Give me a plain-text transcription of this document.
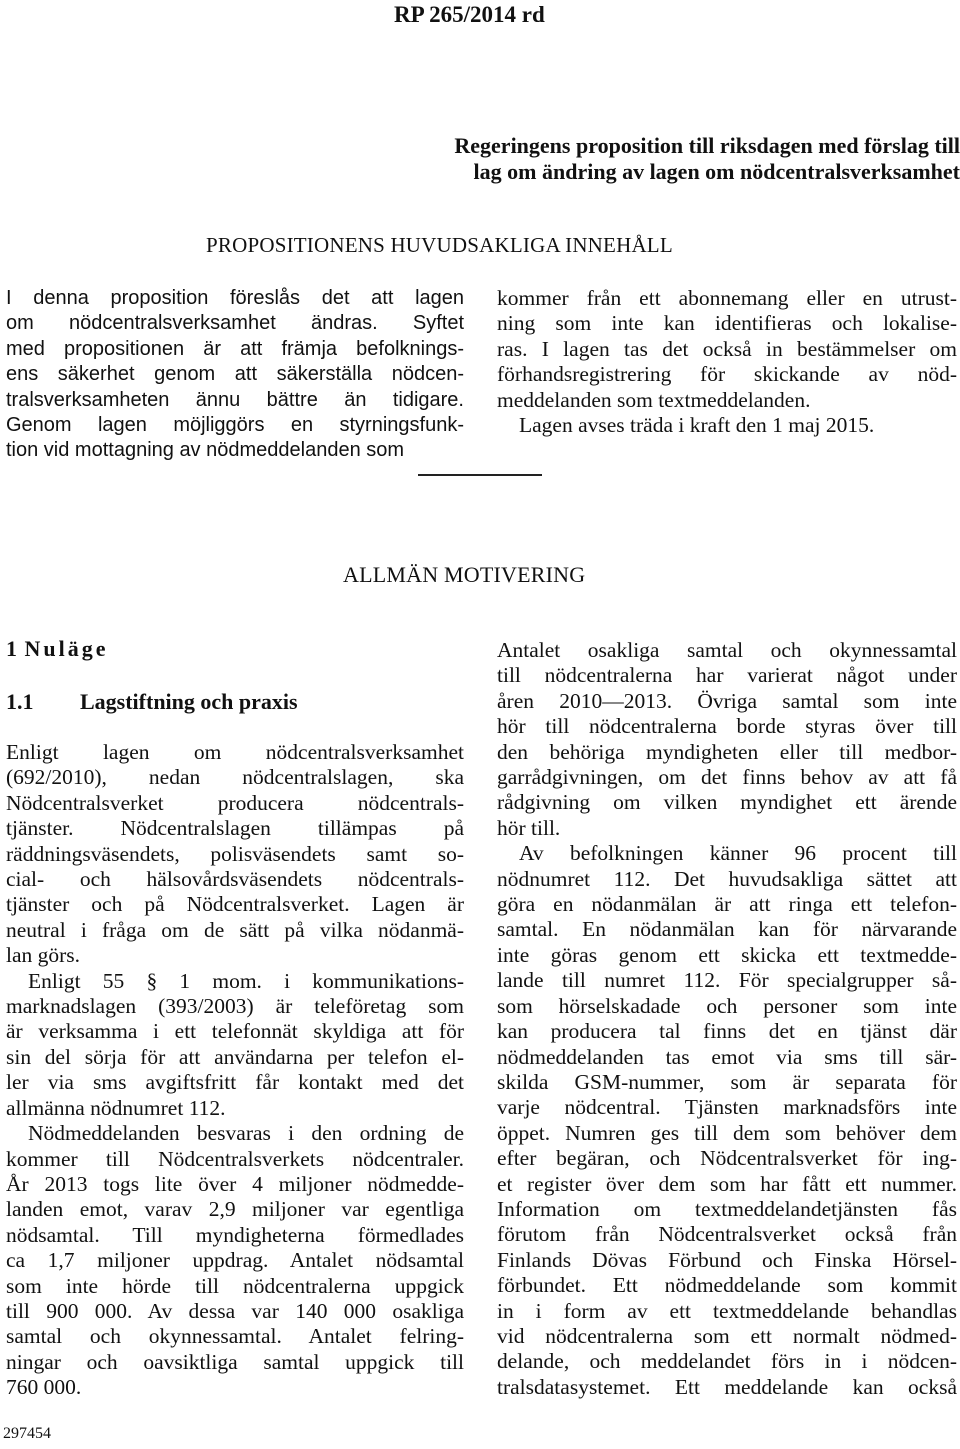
RP 265/2014 rd
Regeringens proposition till riksdagen med förslag till
lag om ändring av lagen om nödcentralsverksamhet
PROPOSITIONENS HUVUDSAKLIGA INNEHÅLL
I denna proposition föreslås det att lagen
om nödcentralsverksamhet ändras. Syftet
med propositionen är att främja befolknings-
ens säkerhet genom att säkerställa nödcen-
tralsverksamheten ännu bättre än tidigare.
Genom lagen möjliggörs en styrningsfunk-
tion vid mottagning av nödmeddelanden som
kommer från ett abonnemang eller en utrust-
ning som inte kan identifieras och lokalise-
ras. I lagen tas det också in bestämmelser om
förhandsregistrering för skickande av nöd-
meddelanden som textmeddelanden.
Lagen avses träda i kraft den 1 maj 2015.
ALLMÄN MOTIVERING
1 Nuläge
1.1 Lagstiftning och praxis
Enligt lagen om nödcentralsverksamhet
(692/2010), nedan nödcentralslagen, ska
Nödcentralsverket producera nödcentrals-
tjänster. Nödcentralslagen tillämpas på
räddningsväsendets, polisväsendets samt so-
cial- och hälsovårdsväsendets nödcentrals-
tjänster och på Nödcentralsverket. Lagen är
neutral i fråga om de sätt på vilka nödanmä-
lan görs.
Enligt 55 § 1 mom. i kommunikations-
marknadslagen (393/2003) är teleföretag som
är verksamma i ett telefonnät skyldiga att för
sin del sörja för att användarna per telefon el-
ler via sms avgiftsfritt får kontakt med det
allmänna nödnumret 112.
Nödmeddelanden besvaras i den ordning de
kommer till Nödcentralsverkets nödcentraler.
År 2013 togs lite över 4 miljoner nödmedde-
landen emot, varav 2,9 miljoner var egentliga
nödsamtal. Till myndigheterna förmedlades
ca 1,7 miljoner uppdrag. Antalet nödsamtal
som inte hörde till nödcentralerna uppgick
till 900 000. Av dessa var 140 000 osakliga
samtal och okynnessamtal. Antalet felring-
ningar och oavsiktliga samtal uppgick till
760 000.
Antalet osakliga samtal och okynnessamtal
till nödcentralerna har varierat något under
åren 2010—2013. Övriga samtal som inte
hör till nödcentralerna borde styras över till
den behöriga myndigheten eller till medbor-
garrådgivningen, om det finns behov av att få
rådgivning om vilken myndighet ett ärende
hör till.
Av befolkningen känner 96 procent till
nödnumret 112. Det huvudsakliga sättet att
göra en nödanmälan är att ringa ett telefon-
samtal. En nödanmälan kan för närvarande
inte göras genom ett skicka ett textmedde-
lande till numret 112. För specialgrupper så-
som hörselskadade och personer som inte
kan producera tal finns det en tjänst där
nödmeddelanden tas emot via sms till sär-
skilda GSM-nummer, som är separata för
varje nödcentral. Tjänsten marknadsförs inte
öppet. Numren ges till dem som behöver dem
efter begäran, och Nödcentralsverket för ing-
et register över dem som har fått ett nummer.
Information om textmeddelandetjänsten fås
förutom från Nödcentralsverket också från
Finlands Dövas Förbund och Finska Hörsel-
förbundet. Ett nödmeddelande som kommit
in i form av ett textmeddelande behandlas
vid nödcentralerna som ett normalt nödmed-
delande, och meddelandet förs in i nödcen-
tralsdatasystemet. Ett meddelande kan också
297454
